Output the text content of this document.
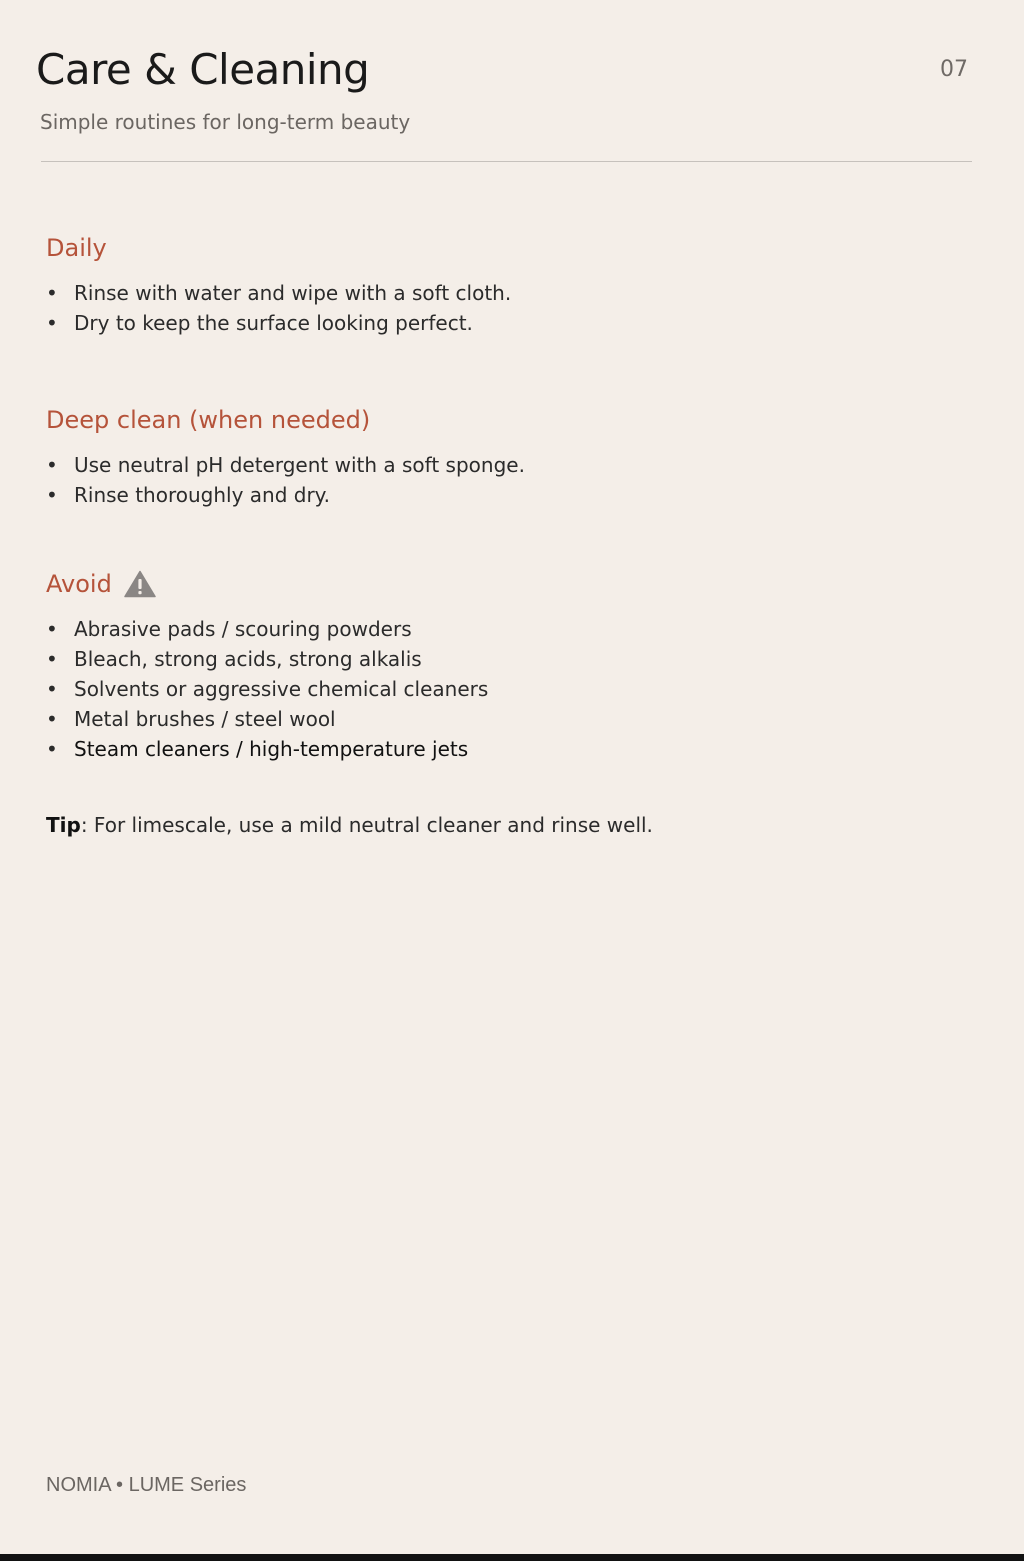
Care & Cleaning
Simple routines for long-term beauty
07
Daily
• Rinse with water and wipe with a soft cloth.
• Dry to keep the surface looking perfect.
Deep clean (when needed)
• Use neutral pH detergent with a soft sponge.
• Rinse thoroughly and dry.
Avoid
• Abrasive pads / scouring powders
• Bleach, strong acids, strong alkalis
• Solvents or aggressive chemical cleaners
• Metal brushes / steel wool
• Steam cleaners / high-temperature jets
Tip: For limescale, use a mild neutral cleaner and rinse well.
NOMIA • LUME Series
